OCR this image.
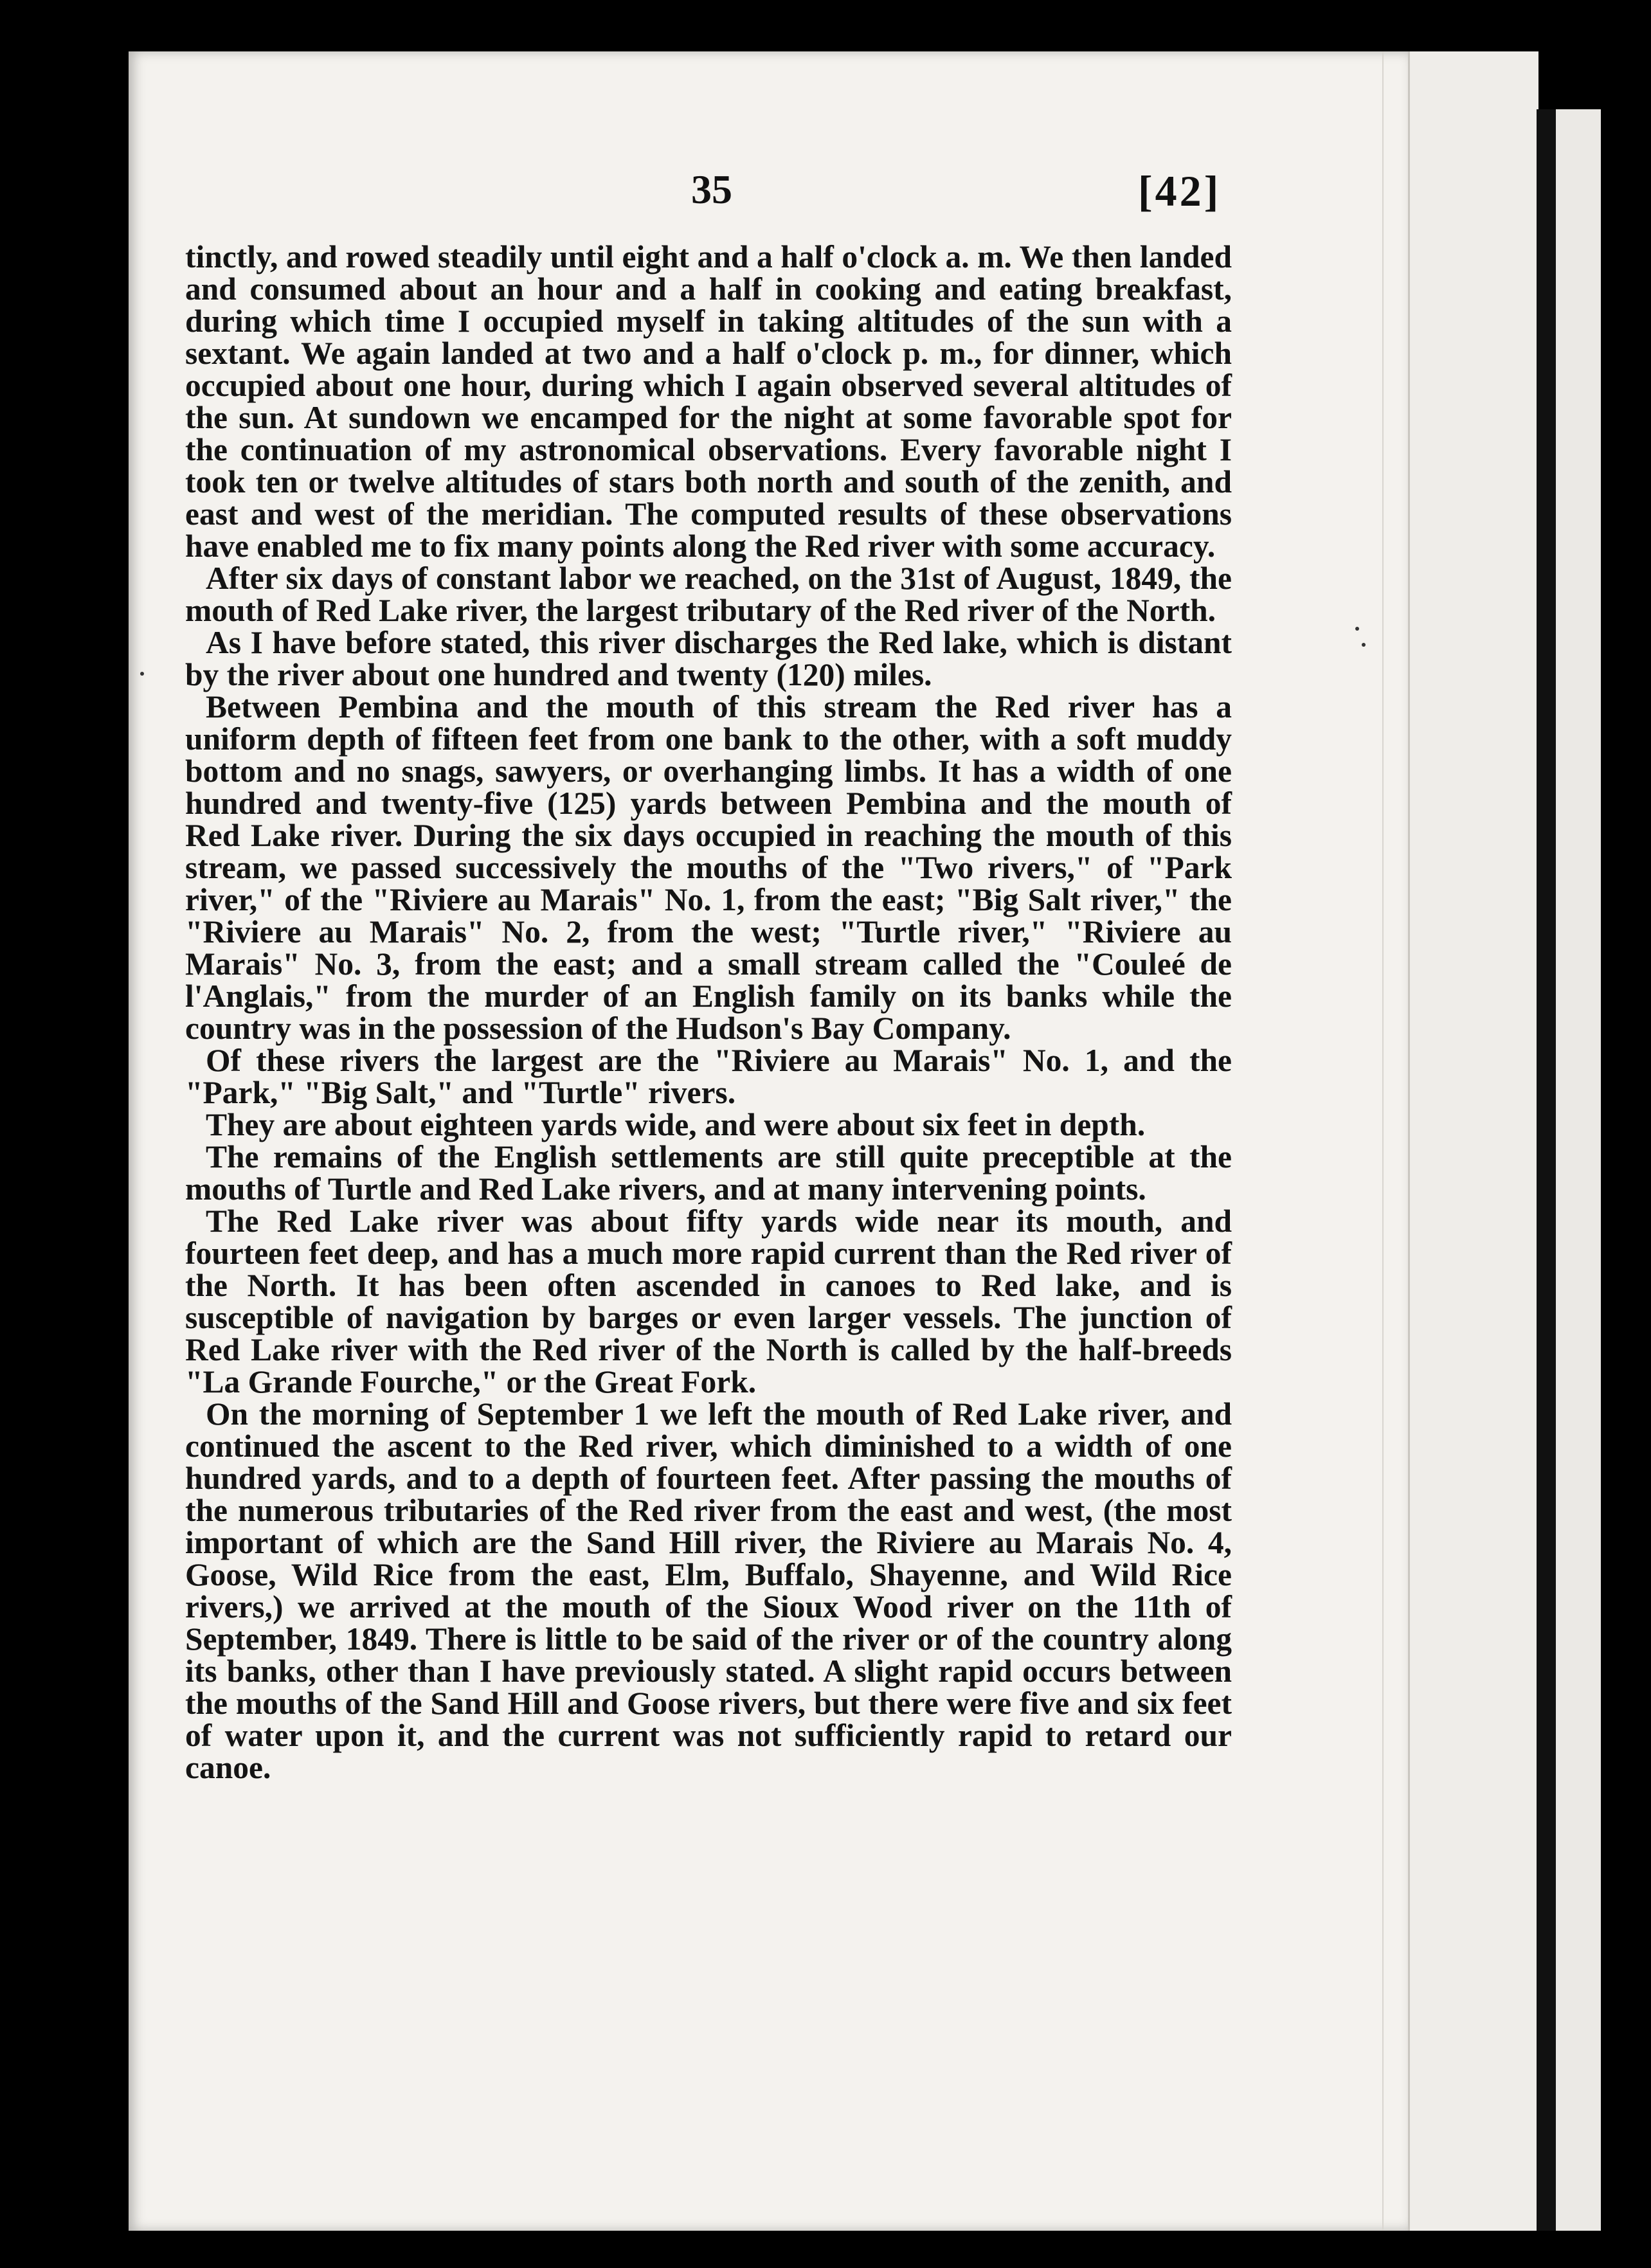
35	[42]

tinctly, and rowed steadily until eight and a half o'clock a. m. We then landed and consumed about an hour and a half in cooking and eating breakfast, during which time I occupied myself in taking altitudes of the sun with a sextant. We again landed at two and a half o'clock p. m., for dinner, which occupied about one hour, during which I again observed several altitudes of the sun. At sundown we encamped for the night at some favorable spot for the continuation of my astronomical observations. Every favorable night I took ten or twelve altitudes of stars both north and south of the zenith, and east and west of the meridian. The computed results of these observations have enabled me to fix many points along the Red river with some accuracy.

After six days of constant labor we reached, on the 31st of August, 1849, the mouth of Red Lake river, the largest tributary of the Red river of the North.

As I have before stated, this river discharges the Red lake, which is distant by the river about one hundred and twenty (120) miles.

Between Pembina and the mouth of this stream the Red river has a uniform depth of fifteen feet from one bank to the other, with a soft muddy bottom and no snags, sawyers, or overhanging limbs. It has a width of one hundred and twenty-five (125) yards between Pembina and the mouth of Red Lake river. During the six days occupied in reaching the mouth of this stream, we passed successively the mouths of the "Two rivers," of "Park river," of the "Riviere au Marais" No. 1, from the east; "Big Salt river," the "Riviere au Marais" No. 2, from the west; "Turtle river," "Riviere au Marais" No. 3, from the east; and a small stream called the "Couleé de l'Anglais," from the murder of an English family on its banks while the country was in the possession of the Hudson's Bay Company.

Of these rivers the largest are the "Riviere au Marais" No. 1, and the "Park," "Big Salt," and "Turtle" rivers.

They are about eighteen yards wide, and were about six feet in depth.

The remains of the English settlements are still quite preceptible at the mouths of Turtle and Red Lake rivers, and at many intervening points.

The Red Lake river was about fifty yards wide near its mouth, and fourteen feet deep, and has a much more rapid current than the Red river of the North. It has been often ascended in canoes to Red lake, and is susceptible of navigation by barges or even larger vessels. The junction of Red Lake river with the Red river of the North is called by the half-breeds "La Grande Fourche," or the Great Fork.

On the morning of September 1 we left the mouth of Red Lake river, and continued the ascent to the Red river, which diminished to a width of one hundred yards, and to a depth of fourteen feet. After passing the mouths of the numerous tributaries of the Red river from the east and west, (the most important of which are the Sand Hill river, the Riviere au Marais No. 4, Goose, Wild Rice from the east, Elm, Buffalo, Shayenne, and Wild Rice rivers,) we arrived at the mouth of the Sioux Wood river on the 11th of September, 1849. There is little to be said of the river or of the country along its banks, other than I have previously stated. A slight rapid occurs between the mouths of the Sand Hill and Goose rivers, but there were five and six feet of water upon it, and the current was not sufficiently rapid to retard our canoe.
